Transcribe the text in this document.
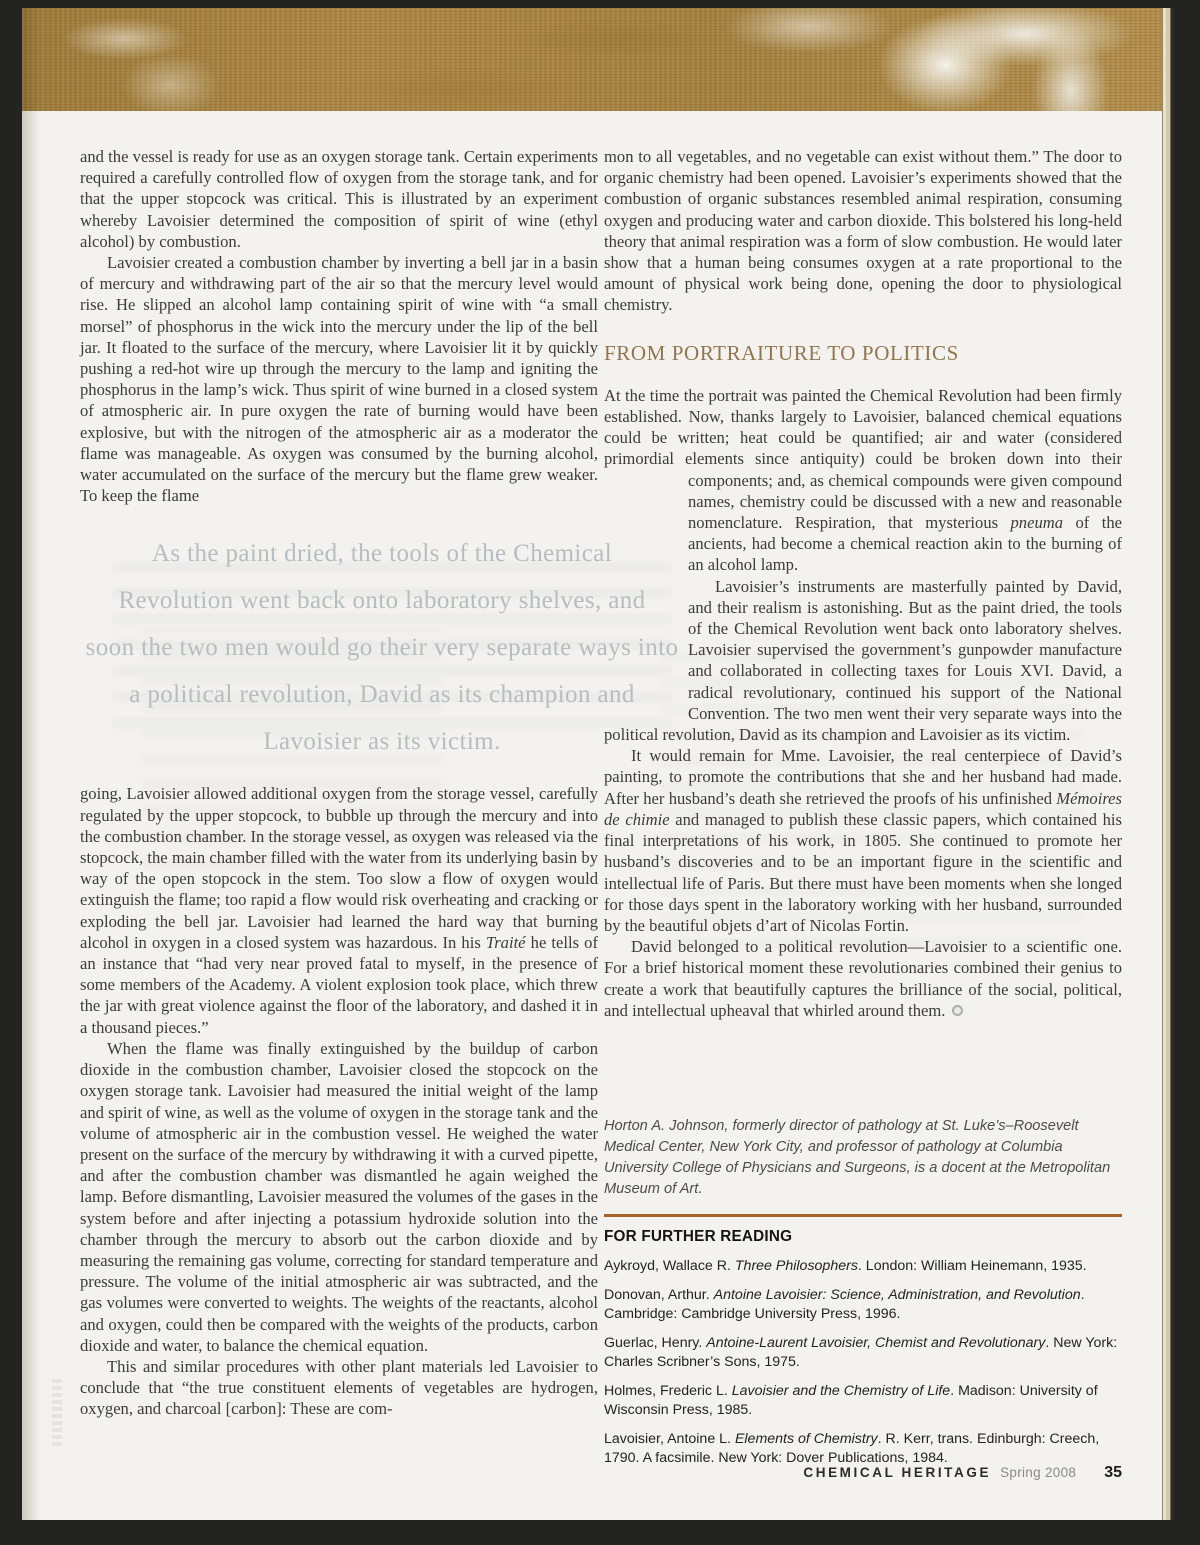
and the vessel is ready for use as an oxygen storage tank. Certain experiments required a carefully controlled flow of oxygen from the storage tank, and for that the upper stopcock was critical. This is illustrated by an experiment whereby Lavoisier determined the composition of spirit of wine (ethyl alcohol) by combustion.

Lavoisier created a combustion chamber by inverting a bell jar in a basin of mercury and withdrawing part of the air so that the mercury level would rise. He slipped an alcohol lamp containing spirit of wine with “a small morsel” of phosphorus in the wick into the mercury under the lip of the bell jar. It floated to the surface of the mercury, where Lavoisier lit it by quickly pushing a red-hot wire up through the mercury to the lamp and igniting the phosphorus in the lamp’s wick. Thus spirit of wine burned in a closed system of atmospheric air. In pure oxygen the rate of burning would have been explosive, but with the nitrogen of the atmospheric air as a moderator the flame was manageable. As oxygen was consumed by the burning alcohol, water accumulated on the surface of the mercury but the flame grew weaker. To keep the flame

As the paint dried, the tools of the Chemical
Revolution went back onto laboratory shelves, and
soon the two men would go their very separate ways into
a political revolution, David as its champion and
Lavoisier as its victim.

going, Lavoisier allowed additional oxygen from the storage vessel, carefully regulated by the upper stopcock, to bubble up through the mercury and into the combustion chamber. In the storage vessel, as oxygen was released via the stopcock, the main chamber filled with the water from its underlying basin by way of the open stopcock in the stem. Too slow a flow of oxygen would extinguish the flame; too rapid a flow would risk overheating and cracking or exploding the bell jar. Lavoisier had learned the hard way that burning alcohol in oxygen in a closed system was hazardous. In his Traité he tells of an instance that “had very near proved fatal to myself, in the presence of some members of the Academy. A violent explosion took place, which threw the jar with great violence against the floor of the laboratory, and dashed it in a thousand pieces.”

When the flame was finally extinguished by the buildup of carbon dioxide in the combustion chamber, Lavoisier closed the stopcock on the oxygen storage tank. Lavoisier had measured the initial weight of the lamp and spirit of wine, as well as the volume of oxygen in the storage tank and the volume of atmospheric air in the combustion vessel. He weighed the water present on the surface of the mercury by withdrawing it with a curved pipette, and after the combustion chamber was dismantled he again weighed the lamp. Before dismantling, Lavoisier measured the volumes of the gases in the system before and after injecting a potassium hydroxide solution into the chamber through the mercury to absorb out the carbon dioxide and by measuring the remaining gas volume, correcting for standard temperature and pressure. The volume of the initial atmospheric air was subtracted, and the gas volumes were converted to weights. The weights of the reactants, alcohol and oxygen, could then be compared with the weights of the products, carbon dioxide and water, to balance the chemical equation.

This and similar procedures with other plant materials led Lavoisier to conclude that “the true constituent elements of vegetables are hydrogen, oxygen, and charcoal [carbon]: These are com-

mon to all vegetables, and no vegetable can exist without them.” The door to organic chemistry had been opened. Lavoisier’s experiments showed that the combustion of organic substances resembled animal respiration, consuming oxygen and producing water and carbon dioxide. This bolstered his long-held theory that animal respiration was a form of slow combustion. He would later show that a human being consumes oxygen at a rate proportional to the amount of physical work being done, opening the door to physiological chemistry.

FROM PORTRAITURE TO POLITICS

At the time the portrait was painted the Chemical Revolution had been firmly established. Now, thanks largely to Lavoisier, balanced chemical equations could be written; heat could be quantified; air and water (considered primordial elements since antiquity) could be broken down into their components; and, as chemical
compounds were given compound names, chemistry could be discussed with a new and reasonable nomenclature. Respiration, that mysterious pneuma of the ancients, had become a chemical reaction akin to the burning of an alcohol lamp.

Lavoisier’s instruments are masterfully painted by David, and their realism is astonishing. But as the paint dried, the tools of the Chemical Revolution went back onto laboratory shelves. Lavoisier supervised the government’s gunpowder manufacture and collaborated in collecting taxes for Louis XVI. David, a radical revolutionary, continued his support of the National Convention. The two men went their very separate ways into the political revolution, David as its champion and Lavoisier as its victim.

It would remain for Mme. Lavoisier, the real centerpiece of David’s painting, to promote the contributions that she and her husband had made. After her husband’s death she retrieved the proofs of his unfinished Mémoires de chimie and managed to publish these classic papers, which contained his final interpretations of his work, in 1805. She continued to promote her husband’s discoveries and to be an important figure in the scientific and intellectual life of Paris. But there must have been moments when she longed for those days spent in the laboratory working with her husband, surrounded by the beautiful objets d’art of Nicolas Fortin.

David belonged to a political revolution—Lavoisier to a scientific one. For a brief historical moment these revolutionaries combined their genius to create a work that beautifully captures the brilliance of the social, political, and intellectual upheaval that whirled around them.

Horton A. Johnson, formerly director of pathology at St. Luke’s–Roosevelt Medical Center, New York City, and professor of pathology at Columbia University College of Physicians and Surgeons, is a docent at the Metropolitan Museum of Art.

FOR FURTHER READING

Aykroyd, Wallace R. Three Philosophers. London: William Heinemann, 1935.

Donovan, Arthur. Antoine Lavoisier: Science, Administration, and Revolution. Cambridge: Cambridge University Press, 1996.

Guerlac, Henry. Antoine-Laurent Lavoisier, Chemist and Revolutionary. New York: Charles Scribner’s Sons, 1975.

Holmes, Frederic L. Lavoisier and the Chemistry of Life. Madison: University of Wisconsin Press, 1985.

Lavoisier, Antoine L. Elements of Chemistry. R. Kerr, trans. Edinburgh: Creech, 1790. A facsimile. New York: Dover Publications, 1984.

CHEMICAL HERITAGE Spring 2008 35
